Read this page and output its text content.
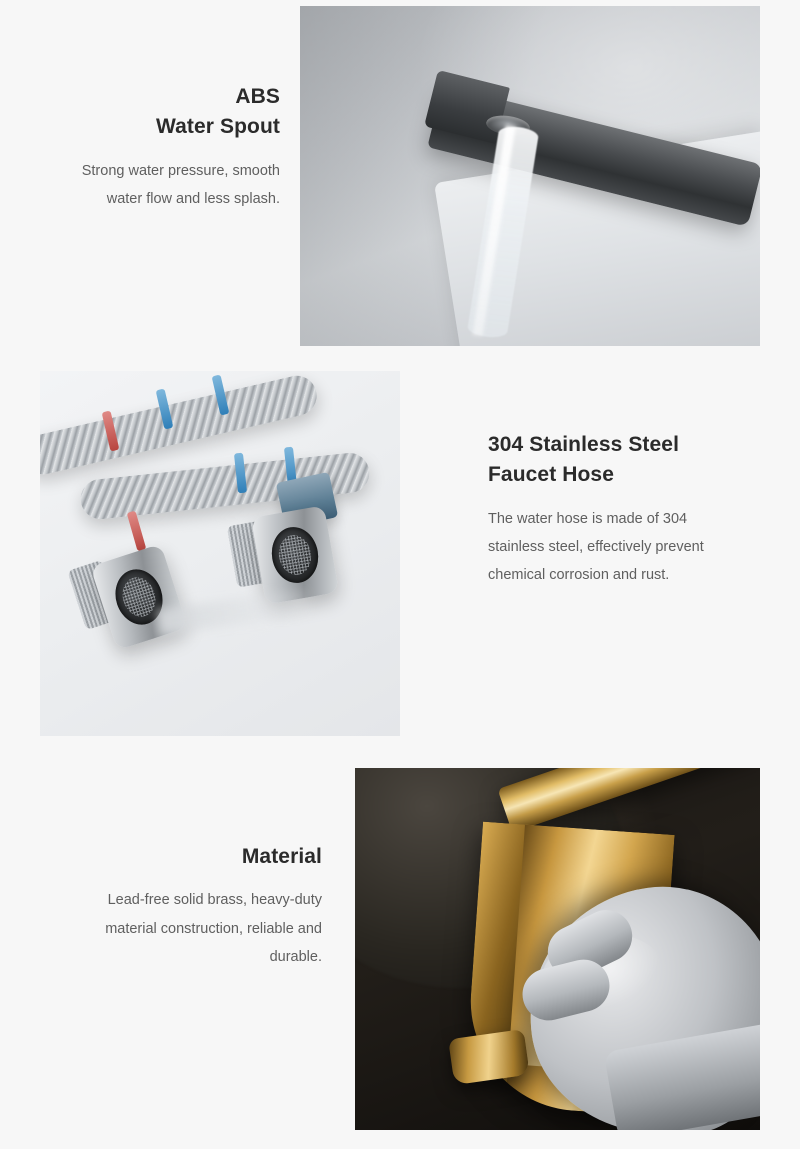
ABS
Water Spout
Strong water pressure, smooth water flow and less splash.
304 Stainless Steel
Faucet Hose
The water hose is made of 304 stainless steel, effectively prevent chemical corrosion and rust.
Material
Lead-free solid brass, heavy-duty material construction, reliable and durable.
